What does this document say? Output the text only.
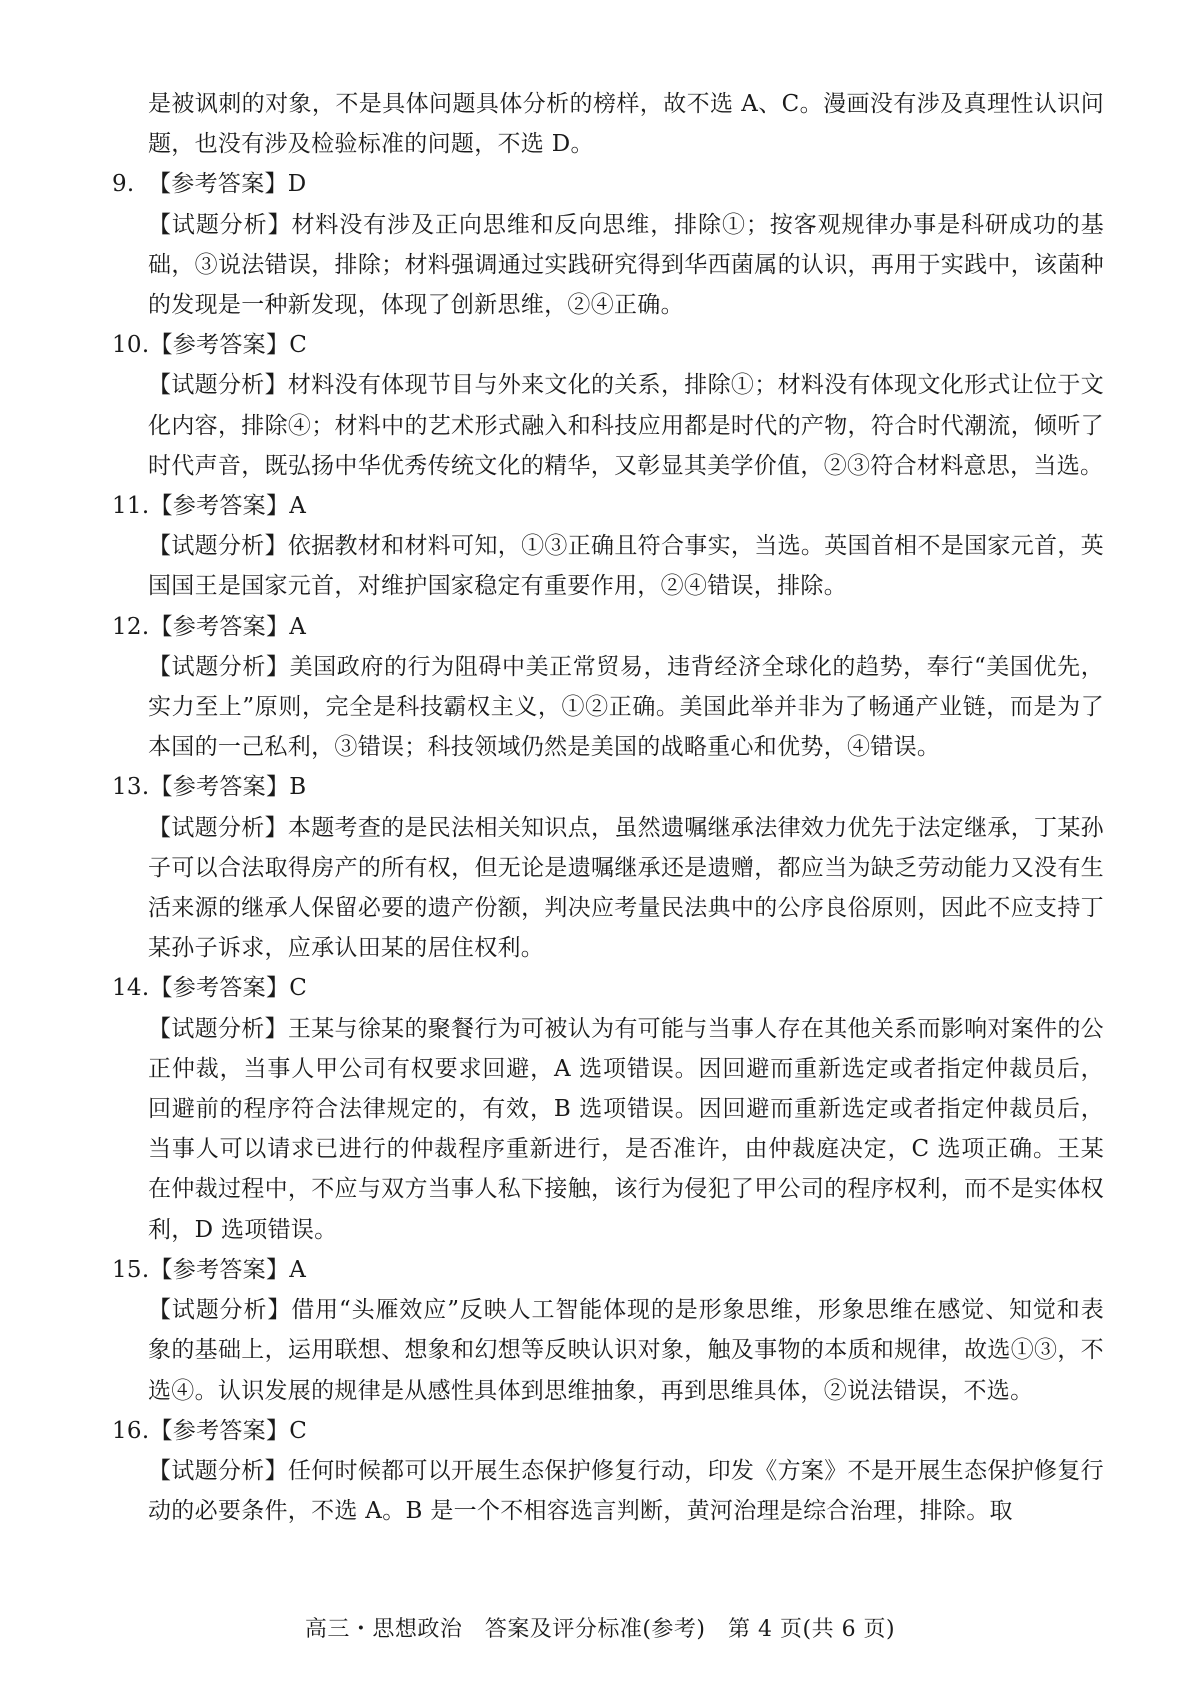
是被讽刺的对象，不是具体问题具体分析的榜样，故不选 A、C。漫画没有涉及真理性认识问题，也没有涉及检验标准的问题，不选 D。

9. 【参考答案】D

【试题分析】材料没有涉及正向思维和反向思维，排除①；按客观规律办事是科研成功的基础，③说法错误，排除；材料强调通过实践研究得到华西菌属的认识，再用于实践中，该菌种的发现是一种新发现，体现了创新思维，②④正确。

10.【参考答案】C

【试题分析】材料没有体现节目与外来文化的关系，排除①；材料没有体现文化形式让位于文化内容，排除④；材料中的艺术形式融入和科技应用都是时代的产物，符合时代潮流，倾听了时代声音，既弘扬中华优秀传统文化的精华，又彰显其美学价值，②③符合材料意思，当选。

11.【参考答案】A

【试题分析】依据教材和材料可知，①③正确且符合事实，当选。英国首相不是国家元首，英国国王是国家元首，对维护国家稳定有重要作用，②④错误，排除。

12.【参考答案】A

【试题分析】美国政府的行为阻碍中美正常贸易，违背经济全球化的趋势，奉行“美国优先，实力至上”原则，完全是科技霸权主义，①②正确。美国此举并非为了畅通产业链，而是为了本国的一己私利，③错误；科技领域仍然是美国的战略重心和优势，④错误。

13.【参考答案】B

【试题分析】本题考查的是民法相关知识点，虽然遗嘱继承法律效力优先于法定继承，丁某孙子可以合法取得房产的所有权，但无论是遗嘱继承还是遗赠，都应当为缺乏劳动能力又没有生活来源的继承人保留必要的遗产份额，判决应考量民法典中的公序良俗原则，因此不应支持丁某孙子诉求，应承认田某的居住权利。

14.【参考答案】C

【试题分析】王某与徐某的聚餐行为可被认为有可能与当事人存在其他关系而影响对案件的公正仲裁，当事人甲公司有权要求回避，A 选项错误。因回避而重新选定或者指定仲裁员后，回避前的程序符合法律规定的，有效，B 选项错误。因回避而重新选定或者指定仲裁员后，当事人可以请求已进行的仲裁程序重新进行，是否准许，由仲裁庭决定，C 选项正确。王某在仲裁过程中，不应与双方当事人私下接触，该行为侵犯了甲公司的程序权利，而不是实体权利，D 选项错误。

15.【参考答案】A

【试题分析】借用“头雁效应”反映人工智能体现的是形象思维，形象思维在感觉、知觉和表象的基础上，运用联想、想象和幻想等反映认识对象，触及事物的本质和规律，故选①③，不选④。认识发展的规律是从感性具体到思维抽象，再到思维具体，②说法错误，不选。

16.【参考答案】C

【试题分析】任何时候都可以开展生态保护修复行动，印发《方案》不是开展生态保护修复行动的必要条件，不选 A。B 是一个不相容选言判断，黄河治理是综合治理，排除。取

高三・思想政治　答案及评分标准(参考)　第 4 页(共 6 页)
